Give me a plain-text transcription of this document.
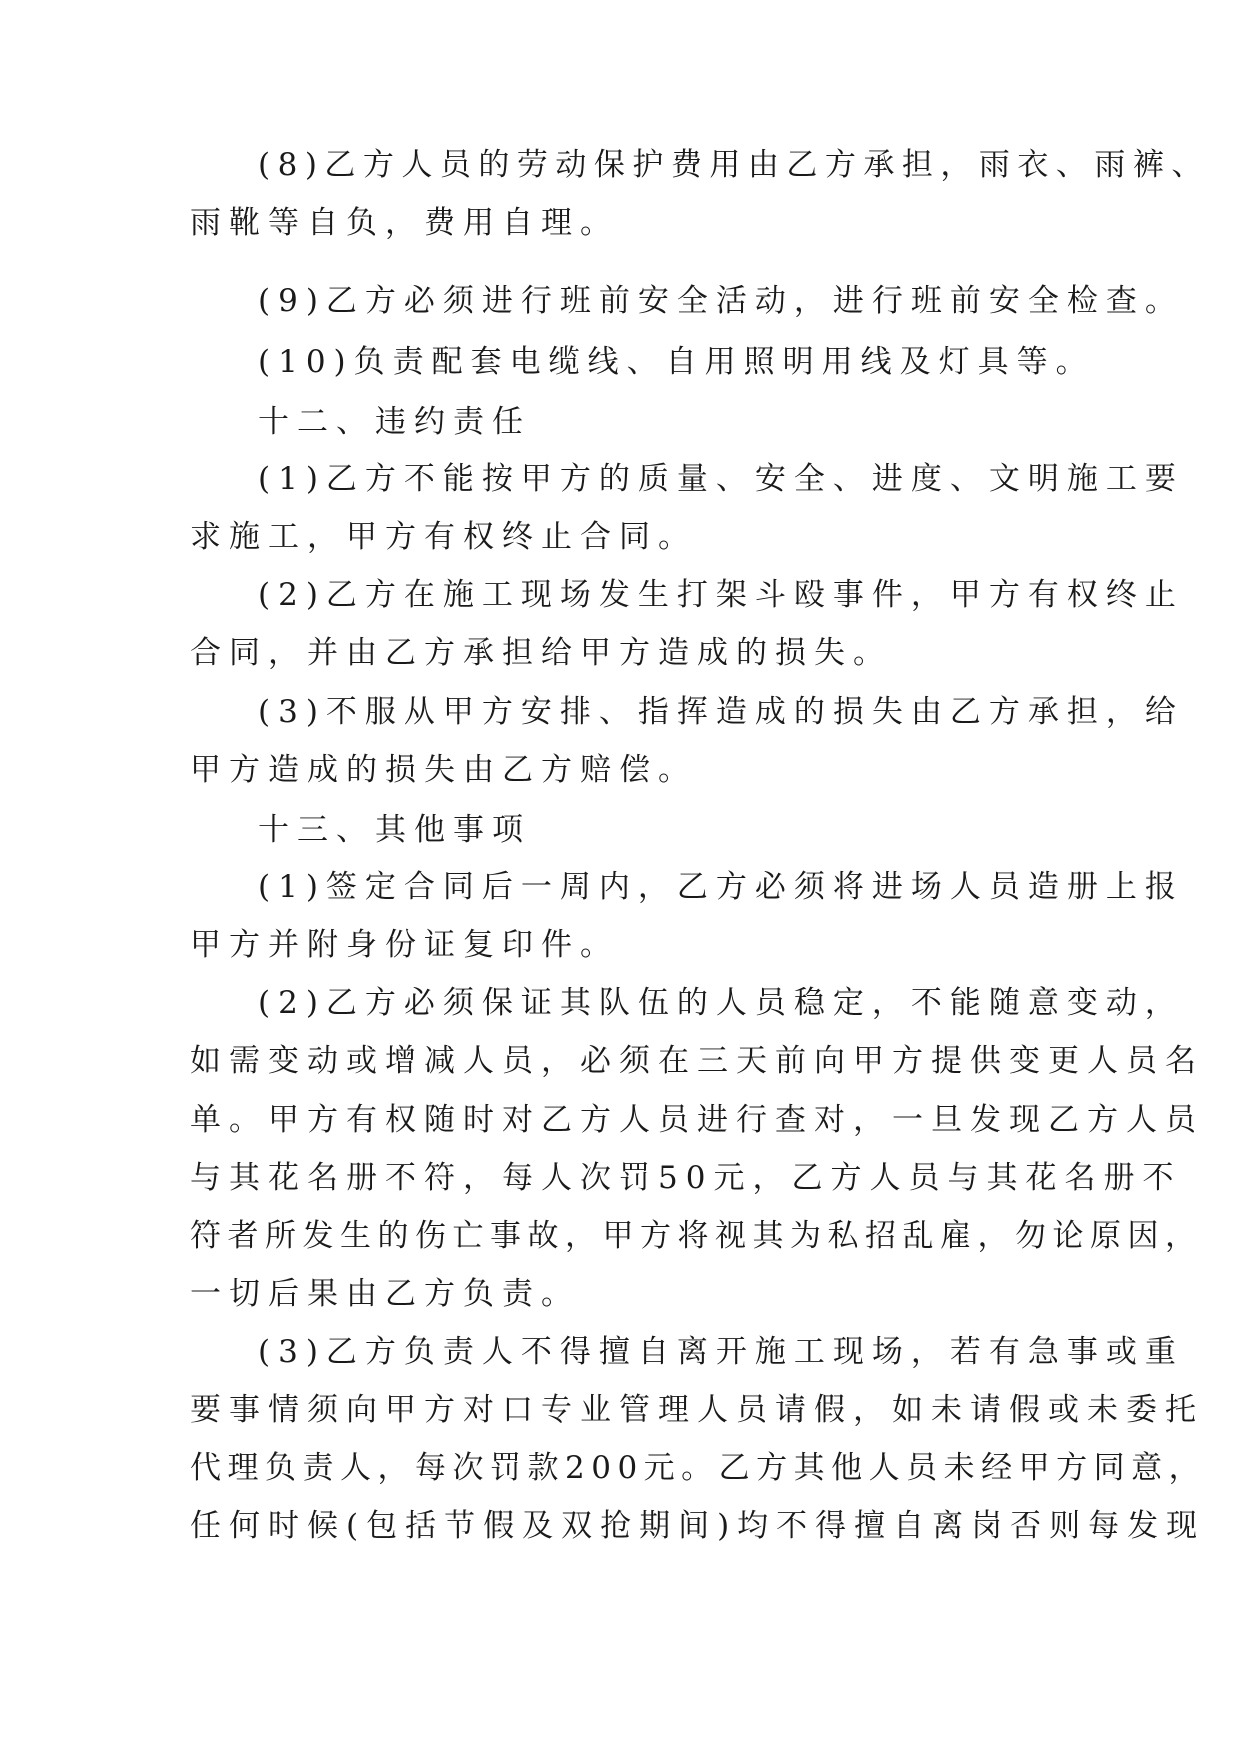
(8)乙方人员的劳动保护费用由乙方承担，雨衣、雨裤、
雨靴等自负，费用自理。
(9)乙方必须进行班前安全活动，进行班前安全检查。
(10)负责配套电缆线、自用照明用线及灯具等。
十二、违约责任
(1)乙方不能按甲方的质量、安全、进度、文明施工要
求施工，甲方有权终止合同。
(2)乙方在施工现场发生打架斗殴事件，甲方有权终止
合同，并由乙方承担给甲方造成的损失。
(3)不服从甲方安排、指挥造成的损失由乙方承担，给
甲方造成的损失由乙方赔偿。
十三、其他事项
(1)签定合同后一周内，乙方必须将进场人员造册上报
甲方并附身份证复印件。
(2)乙方必须保证其队伍的人员稳定，不能随意变动，
如需变动或增减人员，必须在三天前向甲方提供变更人员名
单。甲方有权随时对乙方人员进行查对，一旦发现乙方人员
与其花名册不符，每人次罚50元，乙方人员与其花名册不
符者所发生的伤亡事故，甲方将视其为私招乱雇，勿论原因，
一切后果由乙方负责。
(3)乙方负责人不得擅自离开施工现场，若有急事或重
要事情须向甲方对口专业管理人员请假，如未请假或未委托
代理负责人，每次罚款200元。乙方其他人员未经甲方同意，
任何时候(包括节假及双抢期间)均不得擅自离岗否则每发现
